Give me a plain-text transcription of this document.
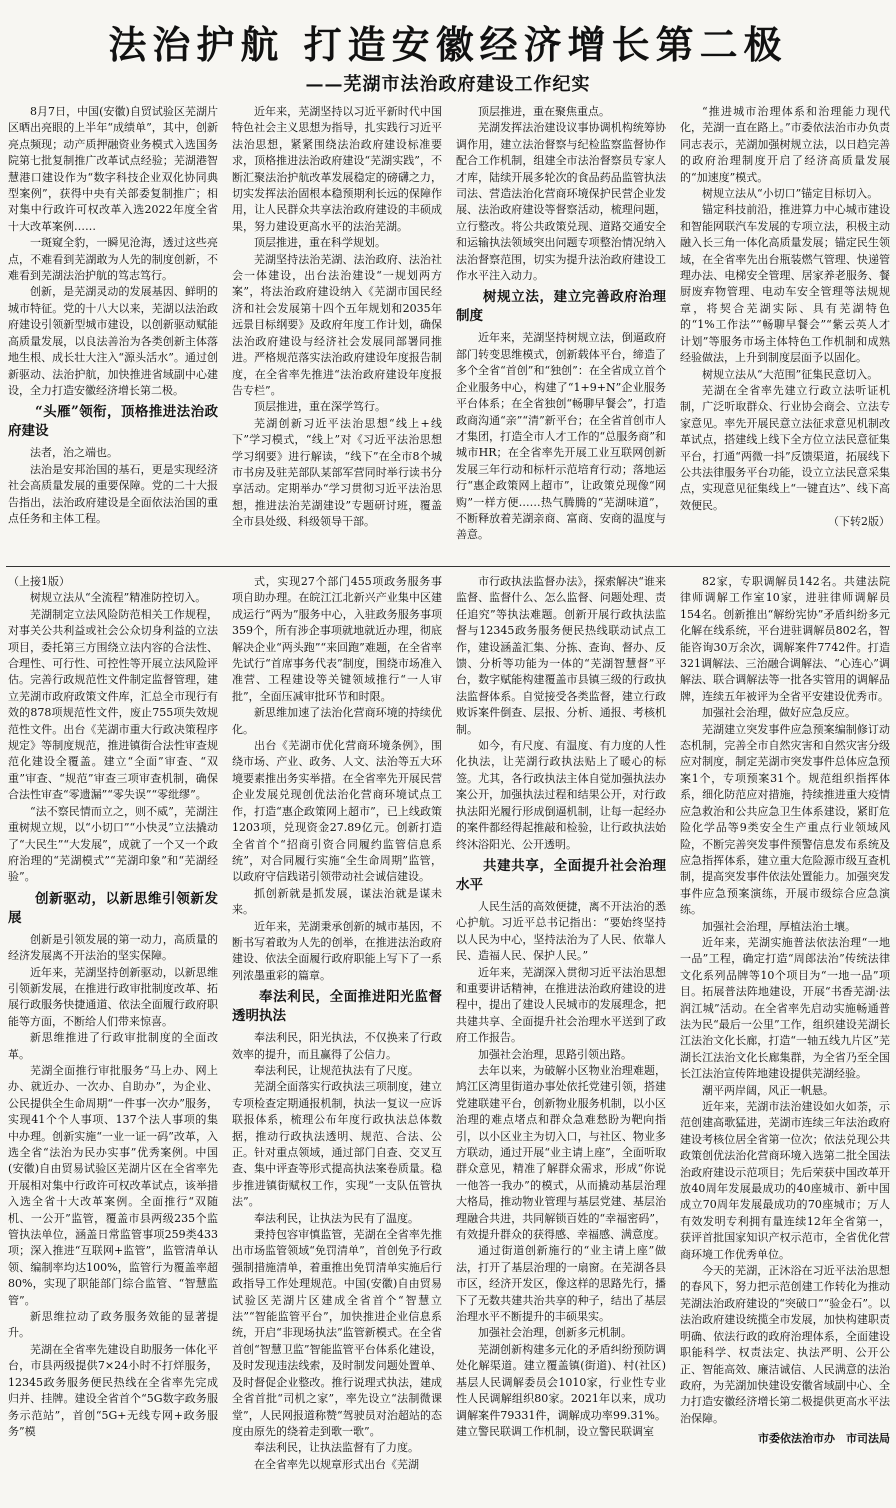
法治护航 打造安徽经济增长第二极
——芜湖市法治政府建设工作纪实

8月7日，中国(安徽)自贸试验区芜湖片区晒出亮眼的上半年“成绩单”，其中，创新亮点频现；动产质押融资业务模式入选国务院第七批复制推广改革试点经验；芜湖港智慧港口建设作为“数字科技企业双化协同典型案例”，获得中央有关部委复制推广；相对集中行政许可权改革入选2022年度全省十大改革案例……

一斑窥全豹，一瞬见沧海，透过这些亮点，不难看到芜湖敢为人先的制度创新，不难看到芜湖法治护航的笃志笃行。

创新，是芜湖灵动的发展基因、鲜明的城市特征。党的十八大以来，芜湖以法治政府建设引领新型城市建设，以创新驱动赋能高质量发展，以良法善治为各类创新主体落地生根、成长壮大注入“源头活水”。通过创新驱动、法治护航，加快推进省域副中心建设，全力打造安徽经济增长第二极。

“头雁”领衔，顶格推进法治政府建设

法者，治之端也。

法治是安邦治国的基石，更是实现经济社会高质量发展的重要保障。党的二十大报告指出，法治政府建设是全面依法治国的重点任务和主体工程。

近年来，芜湖坚持以习近平新时代中国特色社会主义思想为指导，扎实践行习近平法治思想，紧紧围绕法治政府建设标准要求，顶格推进法治政府建设“芜湖实践”，不断汇聚法治护航改革发展稳定的磅礴之力，切实发挥法治固根本稳预期利长远的保障作用，让人民群众共享法治政府建设的丰硕成果，努力建设更高水平的法治芜湖。

顶层推进，重在科学规划。

芜湖坚持法治芜湖、法治政府、法治社会一体建设，出台法治建设“一规划两方案”，将法治政府建设纳入《芜湖市国民经济和社会发展第十四个五年规划和2035年远景目标纲要》及政府年度工作计划，确保法治政府建设与经济社会发展同部署同推进。严格规范落实法治政府建设年度报告制度，在全省率先推进“法治政府建设年度报告专栏”。

顶层推进，重在深学笃行。

芜湖创新习近平法治思想“线上+线下”学习模式，“线上”对《习近平法治思想学习纲要》进行解读，“线下”在全市8个城市书房及驻芜部队某部军营同时举行读书分享活动。定期举办“学习贯彻习近平法治思想，推进法治芜湖建设”专题研讨班，覆盖全市县处级、科级领导干部。

顶层推进，重在聚焦重点。

芜湖发挥法治建设议事协调机构统筹协调作用，建立法治督察与纪检监察监督协作配合工作机制，组建全市法治督察员专家人才库，陆续开展多轮次的食品药品监管执法司法、营造法治化营商环境保护民营企业发展、法治政府建设等督察活动，梳理问题，立行整改。将公共政策兑现、道路交通安全和运输执法领域突出问题专项整治情况纳入法治督察范围，切实为提升法治政府建设工作水平注入动力。

树规立法，建立完善政府治理制度

近年来，芜湖坚持树规立法，倒逼政府部门转变思维模式，创新载体平台，缔造了多个全省“首创”和“独创”：在全省成立首个企业服务中心，构建了“1+9+N”企业服务平台体系；在全省独创“畅聊早餐会”，打造政商沟通“亲”“清”新平台；在全省首创市人才集团，打造全市人才工作的“总服务商”和城市HR；在全省率先开展工业互联网创新发展三年行动和标杆示范培育行动；落地运行“惠企政策网上超市”，让政策兑现像“网购”一样方便……热气腾腾的“芜湖味道”，不断释放着芜湖亲商、富商、安商的温度与善意。

“推进城市治理体系和治理能力现代化，芜湖一直在路上。”市委依法治市办负责同志表示，芜湖加强树规立法，以日趋完善的政府治理制度开启了经济高质量发展的“加速度”模式。

树规立法从“小切口”锚定目标切入。

锚定科技前沿，推进算力中心城市建设和智能网联汽车发展的专项立法，积极主动融入长三角一体化高质量发展；锚定民生领域，在全省率先出台瓶装燃气管理、快递管理办法、电梯安全管理、居家养老服务、餐厨废弃物管理、电动车安全管理等法规规章，将契合芜湖实际、具有芜湖特色的“1%工作法”“畅聊早餐会”“紫云英人才计划”等服务市场主体特色工作机制和成熟经验做法，上升到制度层面予以固化。

树规立法从“大范围”征集民意切入。

芜湖在全省率先建立行政立法听证机制，广泛听取群众、行业协会商会、立法专家意见。率先开展民意立法征求意见机制改革试点，搭建线上线下全方位立法民意征集平台，打通“两微一抖”反馈渠道，拓展线下公共法律服务平台功能，设立立法民意采集点，实现意见征集线上“一键直达”、线下高效便民。

（下转2版）

（上接1版）

树规立法从“全流程”精准防控切入。

芜湖制定立法风险防范相关工作规程，对事关公共利益或社会公众切身利益的立法项目，委托第三方围绕立法内容的合法性、合理性、可行性、可控性等开展立法风险评估。完善行政规范性文件制定监督管理，建立芜湖市政府政策文件库，汇总全市现行有效的878项规范性文件，废止755项失效规范性文件。出台《芜湖市重大行政决策程序规定》等制度规范，推进镇街合法性审查规范化建设全覆盖。建立“全面”审查、“双重”审查、“规范”审查三项审查机制，确保合法性审查“零遗漏”“零失误”“零纰缪”。

“法不察民情而立之，则不威”，芜湖注重树规立规，以“小切口”“小快灵”立法撬动了“大民生”“大发展”，成就了一个又一个政府治理的“芜湖模式”“芜湖印象”和“芜湖经验”。

创新驱动，以新思维引领新发展

创新是引领发展的第一动力，高质量的经济发展离不开法治的坚实保障。

近年来，芜湖坚持创新驱动，以新思维引领新发展，在推进行政审批制度改革、拓展行政服务快捷通道、依法全面履行政府职能等方面，不断给人们带来惊喜。

新思维推进了行政审批制度的全面改革。

芜湖全面推行审批服务“马上办、网上办、就近办、一次办、自助办”，为企业、公民提供全生命周期“一件事一次办”服务，实现41个个人事项、137个法人事项的集中办理。创新实施“一业一证一码”改革，入选全省“法治为民办实事”优秀案例。中国(安徽)自由贸易试验区芜湖片区在全省率先开展相对集中行政许可权改革试点，该举措入选全省十大改革案例。全面推行“双随机、一公开”监管，覆盖市县两级235个监管执法单位，涵盖日常监管事项259类433项；深入推进“互联网+监管”，监管清单认领、编制率均达100%，监管行为覆盖率超80%，实现了职能部门综合监管、“智慧监管”。

新思维拉动了政务服务效能的显著提升。

芜湖在全省率先建设自助服务一体化平台，市县两级提供7×24小时不打烊服务，12345政务服务便民热线在全省率先完成归并、挂牌。建设全省首个“5G数字政务服务示范站”，首创“5G+无线专网+政务服务”模

式，实现27个部门455项政务服务事项自助办理。在皖江江北新兴产业集中区建成运行“两为”服务中心，入驻政务服务事项359个，所有涉企事项就地就近办理，彻底解决企业“两头跑”“来回跑”难题，在全省率先试行“首席事务代表”制度，围绕市场准入准营、工程建设等关键领域推行“一人审批”，全面压减审批环节和时限。

新思维加速了法治化营商环境的持续优化。

出台《芜湖市优化营商环境条例》，围绕市场、产业、政务、人文、法治等五大环境要素推出务实举措。在全省率先开展民营企业发展兑现创优法治化营商环境试点工作，打造“惠企政策网上超市”，已上线政策1203项，兑现资金27.89亿元。创新打造全省首个“招商引资合同履约监管信息系统”，对合同履行实施“全生命周期”监管，以政府守信践诺引领带动社会诚信建设。

抓创新就是抓发展，谋法治就是谋未来。

近年来，芜湖秉承创新的城市基因，不断书写着敢为人先的创举，在推进法治政府建设、依法全面履行政府职能上写下了一系列浓墨重彩的篇章。

奉法利民，全面推进阳光监督透明执法

奉法利民，阳光执法，不仅换来了行政效率的提升，而且赢得了公信力。

奉法利民，让规范执法有了尺度。

芜湖全面落实行政执法三项制度，建立专项检查定期通报机制，执法一复议一应诉联报体系，梳理公布年度行政执法总体数据，推动行政执法透明、规范、合法、公正。针对重点领域，通过部门自查、交叉互查、集中评查等形式提高执法案卷质量。稳步推进镇街赋权工作，实现“一支队伍管执法”。

奉法利民，让执法为民有了温度。

秉持包容审慎监管，芜湖在全省率先推出市场监管领域“免罚清单”，首创免予行政强制措施清单，着重推出免罚清单实施后行政指导工作处理规范。中国(安徽)自由贸易试验区芜湖片区建成全省首个“智慧立法”“智能监管平台”，加快推进企业信息系统，开启“非现场执法”监管新模式。在全省首创“智慧卫监”智能监管平台体系化建设，及时发现违法线索，及时制发问题处置单、及时督促企业整改。推行说理式执法，建成全省首批“司机之家”，率先设立“法制微课堂”，人民网报道称赞“驾驶员对治超站的态度由原先的绕着走到歌一歌”。

奉法利民，让执法监督有了力度。

在全省率先以规章形式出台《芜湖

市行政执法监督办法》，探索解决“谁来监督、监督什么、怎么监督、问题处理、责任追究”等执法难题。创新开展行政执法监督与12345政务服务便民热线联动试点工作，建设涵盖汇集、分拣、查询、督办、反馈、分析等功能为一体的“芜湖智慧督”平台，数字赋能构建覆盖市县镇三级的行政执法监督体系。自觉接受各类监督，建立行政败诉案件倒查、层报、分析、通报、考核机制。

如今，有尺度、有温度、有力度的人性化执法，让芜湖行政执法贴上了暖心的标签。尤其，各行政执法主体自觉加强执法办案公开，加强执法过程和结果公开，对行政执法阳光履行形成倒逼机制，让每一起经办的案件都经得起推敲和检验，让行政执法始终沐浴阳光、公开透明。

共建共享，全面提升社会治理水平

人民生活的高效便捷，离不开法治的悉心护航。习近平总书记指出：“要始终坚持以人民为中心，坚持法治为了人民、依靠人民、造福人民、保护人民。”

近年来，芜湖深入贯彻习近平法治思想和重要讲话精神，在推进法治政府建设的进程中，提出了建设人民城市的发展理念，把共建共享、全面提升社会治理水平送到了政府工作报告。

加强社会治理，思路引领出路。

去年以来，为破解小区物业治理难题，鸠江区湾里街道办事处依托党建引领，搭建党建联建平台，创新物业服务机制，以小区治理的难点堵点和群众急难愁盼为靶向指引，以小区业主为切入口，与社区、物业多方联动，通过开展“业主请上座”，全面听取群众意见，精准了解群众需求，形成“你说一他答一我办”的模式，从而撬动基层治理大格局，推动物业管理与基层党建、基层治理融合共进，共同解锁百姓的“幸福密码”，有效提升群众的获得感、幸福感、满意度。

通过街道创新施行的“业主请上座”做法，打开了基层治理的一扇窗。在芜湖各县市区，经济开发区，像这样的思路先行，播下了无数共建共治共享的种子，结出了基层治理水平不断提升的丰硕果实。

加强社会治理，创新多元机制。

芜湖创新构建多元化的矛盾纠纷预防调处化解渠道。建立覆盖镇(街道)、村(社区)基层人民调解委员会1010家，行业性专业性人民调解组织80家。2021年以来，成功调解案件79331件，调解成功率99.31%。建立警民联调工作机制，设立警民联调室

82家，专职调解员142名。共建法院律师调解工作室10家，进驻律师调解员154名。创新推出“解纷宪协”矛盾纠纷多元化解在线系统，平台进驻调解员802名，智能咨询30万余次，调解案件7742件。打造321调解法、三治融合调解法、“心连心”调解法、联合调解法等一批各实管用的调解品牌，连续五年被评为全省平安建设优秀市。

加强社会治理，做好应急反应。

芜湖建立突发事件应急预案编制修订动态机制，完善全市自然灾害和自然灾害分级应对制度，制定芜湖市突发事件总体应急预案1个，专项预案31个。规范组织指挥体系，细化防范应对措施，持续推进重大疫情应急救治和公共应急卫生体系建设，紧盯危险化学品等9类安全生产重点行业领域风险，不断完善突发事件预警信息发布系统及应急指挥体系，建立重大危险源市级互查机制，提高突发事件依法处置能力。加强突发事件应急预案演练，开展市级综合应急演练。

加强社会治理，厚植法治土壤。

近年来，芜湖实施普法依法治理“一地一品”工程，确定打造“周郎法治”传统法律文化系列品牌等10个项目为“一地一品”项目。拓展普法阵地建设，开展“书香芜湖·法润江城”活动。在全省率先启动实施畅通普法为民“最后一公里”工作，组织建设芜湖长江法治文化长廊，打造“一轴五线九片区”芜湖长江法治文化长廊集群，为全省乃至全国长江法治宣传阵地建设提供芜湖经验。

潮平两岸阔，风正一帆悬。

近年来，芜湖市法治建设如火如荼，示范创建高歌猛进，芜湖市连续三年法治政府建设考核位居全省第一位次；依法兑现公共政策创优法治化营商环境入选第二批全国法治政府建设示范项目；先后荣获中国改革开放40周年发展最成功的40座城市、新中国成立70周年发展最成功的70座城市；万人有效发明专利拥有量连续12年全省第一，获评首批国家知识产权示范市，全省优化营商环境工作优秀单位。

今天的芜湖，正沐浴在习近平法治思想的春风下，努力把示范创建工作转化为推动芜湖法治政府建设的“突破口”“验金石”。以法治政府建设统揽全市发展，加快构建职责明确、依法行政的政府治理体系，全面建设职能科学、权责法定、执法严明、公开公正、智能高效、廉洁诚信、人民满意的法治政府，为芜湖加快建设安徽省域副中心、全力打造安徽经济增长第二极提供更高水平法治保障。

市委依法治市办　市司法局
